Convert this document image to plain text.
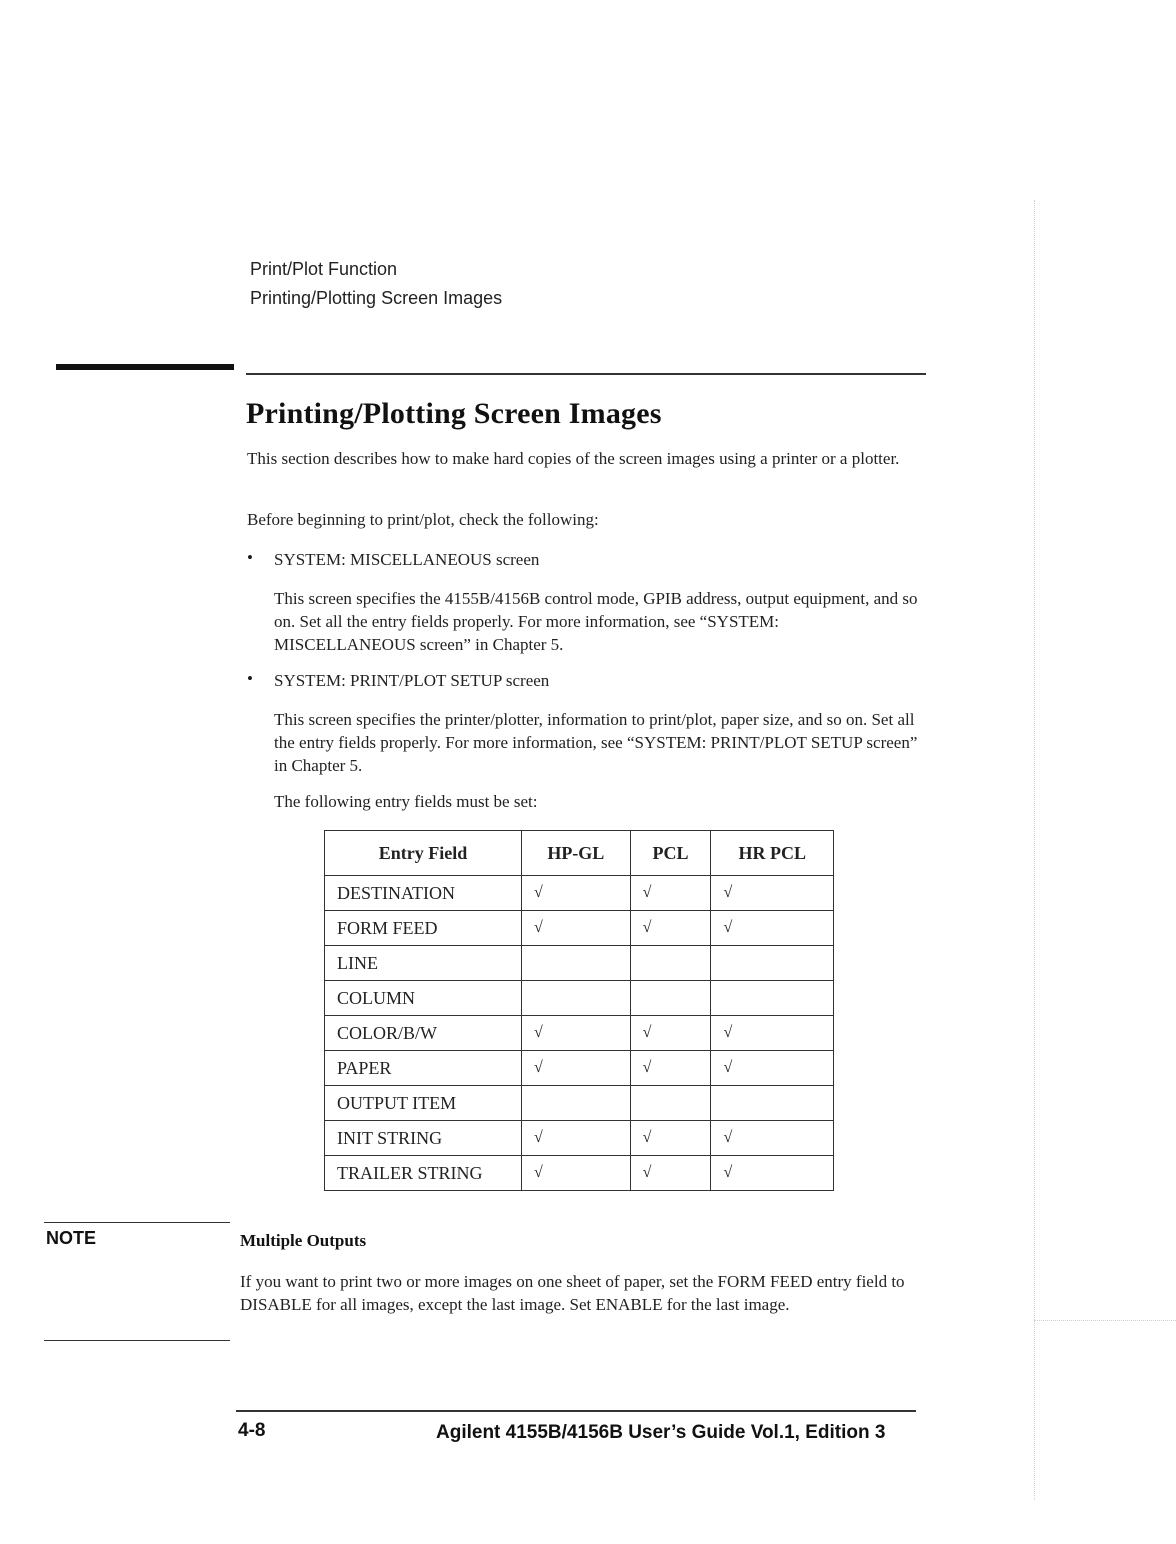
Print/Plot Function
Printing/Plotting Screen Images
Printing/Plotting Screen Images
This section describes how to make hard copies of the screen images using a printer or a plotter.
Before beginning to print/plot, check the following:
• SYSTEM: MISCELLANEOUS screen
This screen specifies the 4155B/4156B control mode, GPIB address, output equipment, and so on. Set all the entry fields properly. For more information, see “SYSTEM: MISCELLANEOUS screen” in Chapter 5.
• SYSTEM: PRINT/PLOT SETUP screen
This screen specifies the printer/plotter, information to print/plot, paper size, and so on. Set all the entry fields properly. For more information, see “SYSTEM: PRINT/PLOT SETUP screen” in Chapter 5.
The following entry fields must be set:
Entry Field	HP-GL	PCL	HR PCL
DESTINATION	√	√	√
FORM FEED	√	√	√
LINE			
COLUMN			
COLOR/B/W	√	√	√
PAPER	√	√	√
OUTPUT ITEM			
INIT STRING	√	√	√
TRAILER STRING	√	√	√
NOTE	Multiple Outputs
If you want to print two or more images on one sheet of paper, set the FORM FEED entry field to DISABLE for all images, except the last image. Set ENABLE for the last image.
4-8	Agilent 4155B/4156B User’s Guide Vol.1, Edition 3
